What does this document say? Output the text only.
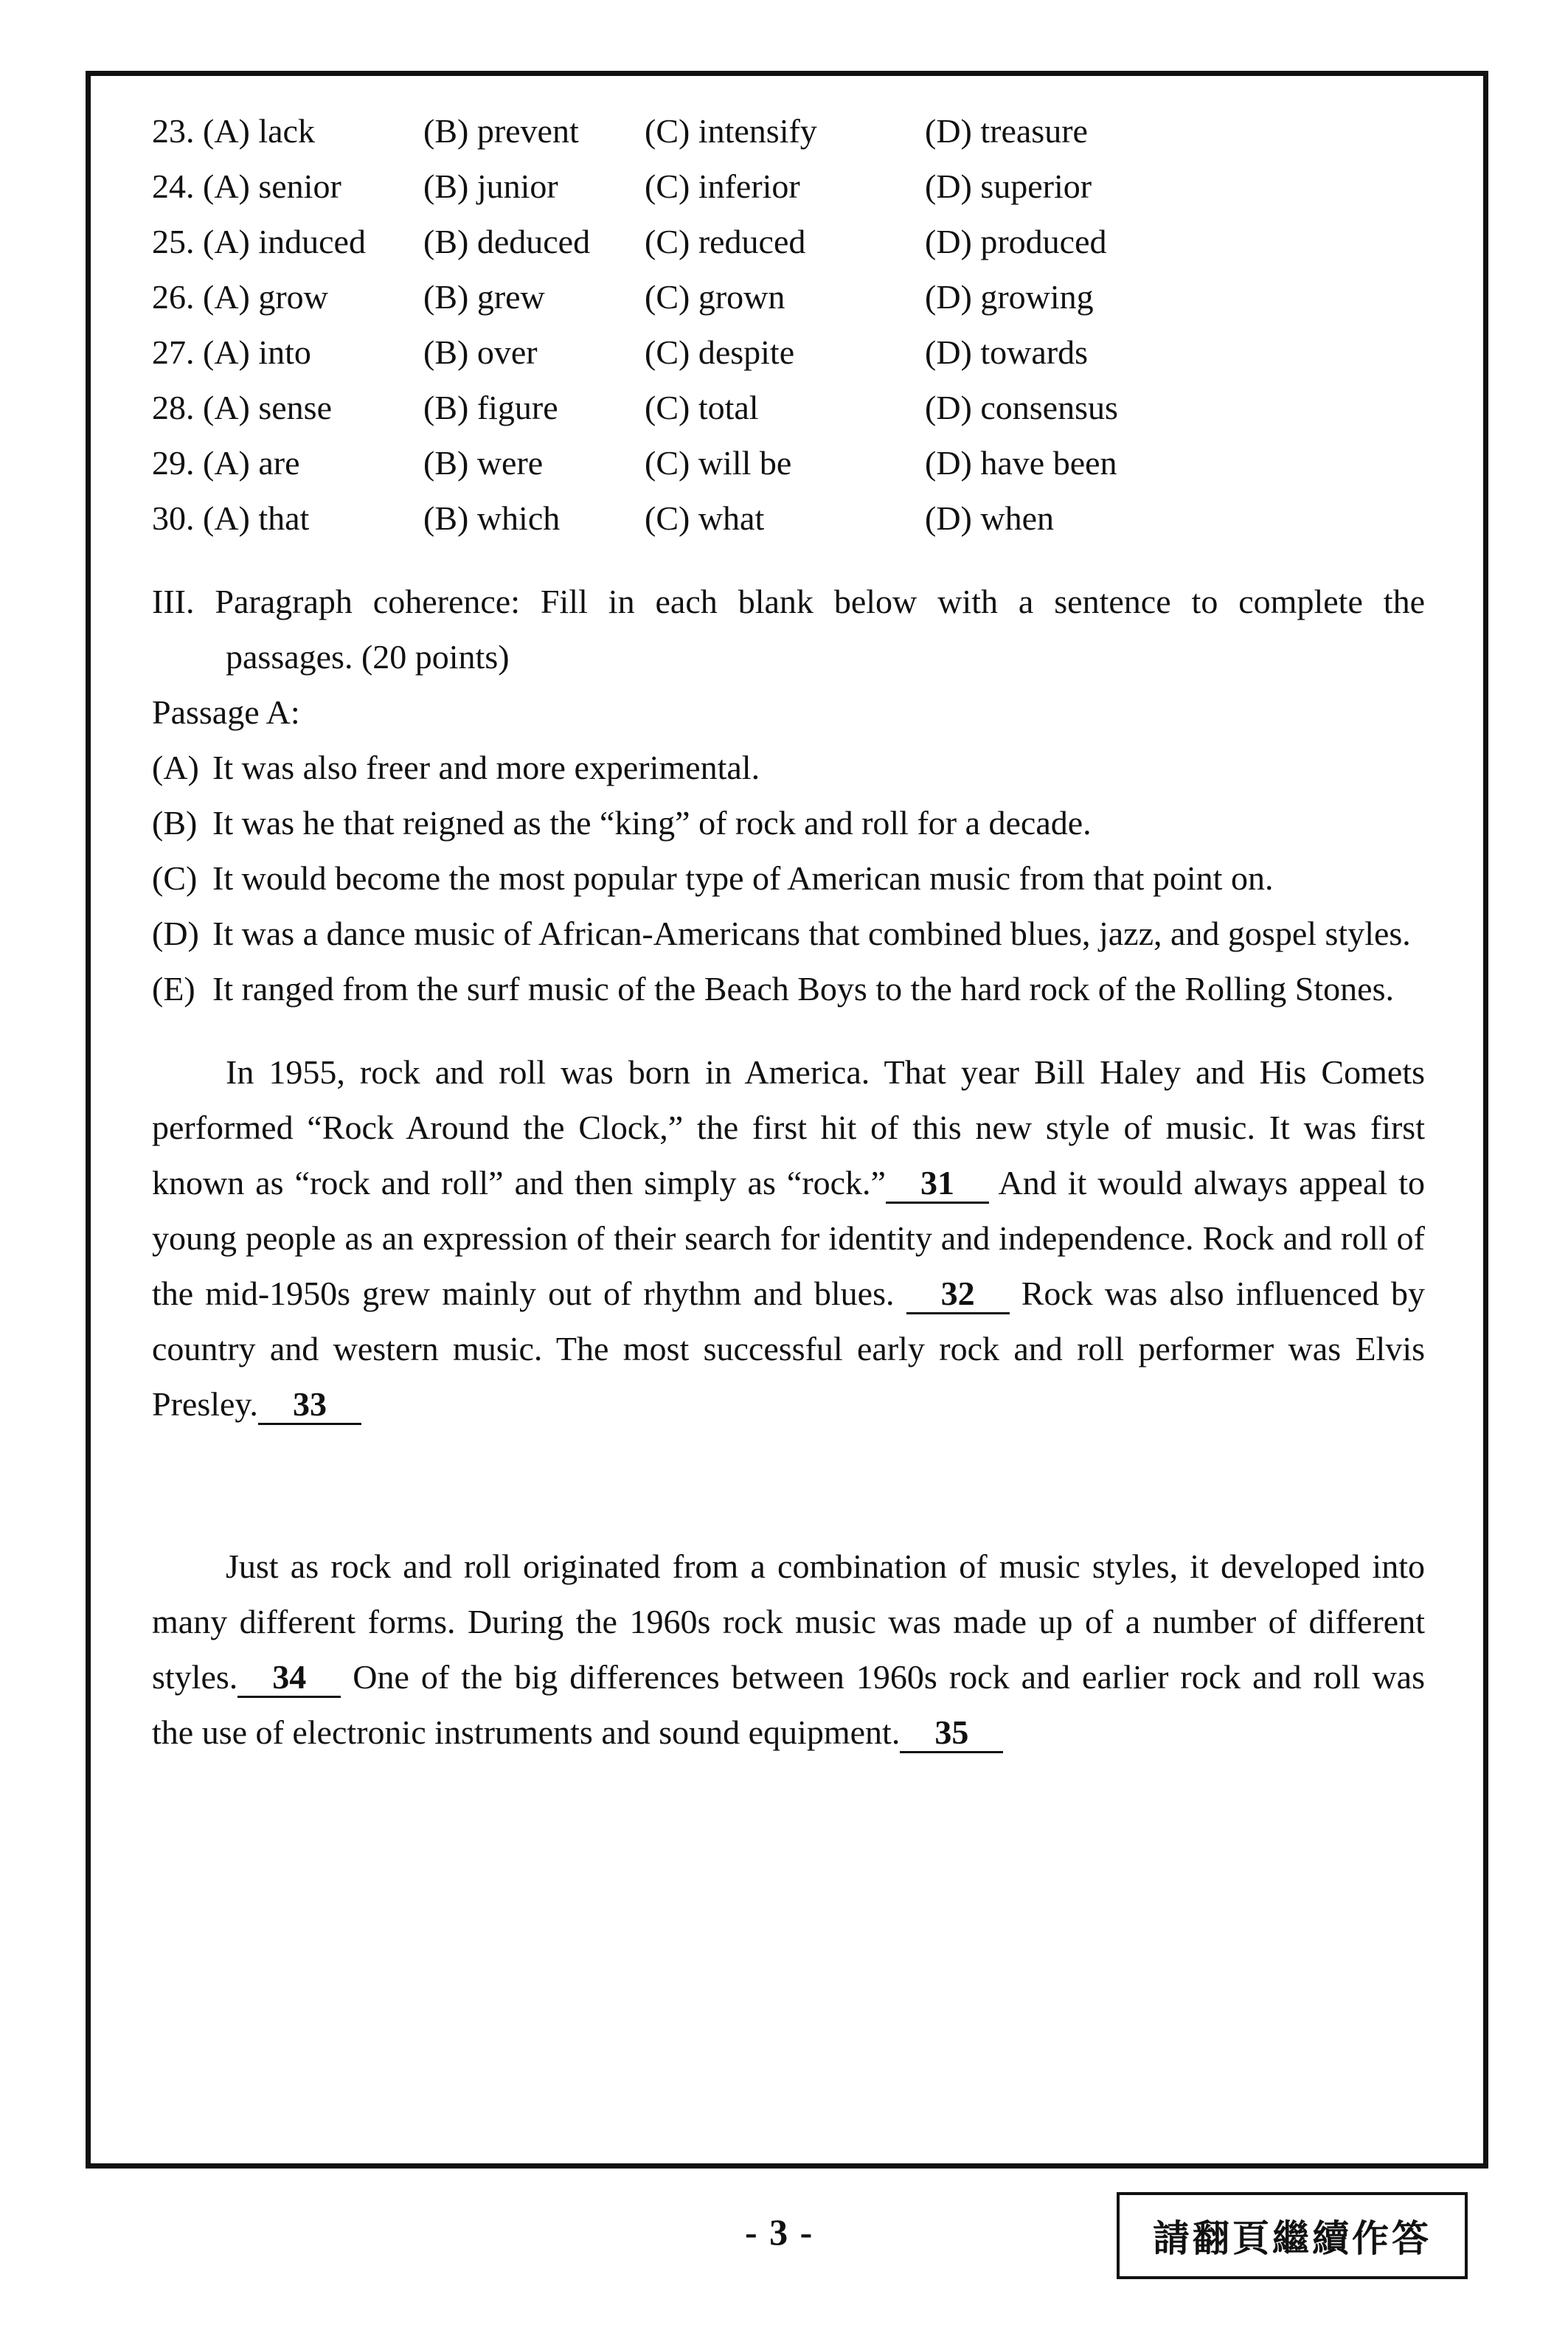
23. (A) lack	(B) prevent (C) intensify	(D) treasure
24. (A) senior (B) junior	(C) inferior	(D) superior
25. (A) induced (B) deduced (C) reduced	(D) produced
26. (A) grow	(B) grew	(C) grown	(D) growing
27. (A) into	(B) over	(C) despite	(D) towards
28. (A) sense	(B) figure	(C) total	(D) consensus
29. (A) are	(B) were	(C) will be	(D) have been
30. (A) that	(B) which (C) what	(D) when
III. Paragraph coherence: Fill in each blank below with a sentence to complete the
passages. (20 points)
Passage A:
(A) It was also freer and more experimental.
(B) It was he that reigned as the “king” of rock and roll for a decade.
(C) It would become the most popular type of American music from that point on.
(D) It was a dance music of African-Americans that combined blues, jazz, and gospel styles.
(E) It ranged from the surf music of the Beach Boys to the hard rock of the Rolling Stones.

In 1955, rock and roll was born in America. That year Bill Haley and His Comets performed “Rock Around the Clock,” the first hit of this new style of music. It was first known as “rock and roll” and then simply as “rock.” 31 And it would always appeal to young people as an expression of their search for identity and independence. Rock and roll of the mid-1950s grew mainly out of rhythm and blues. 32 Rock was also influenced by country and western music. The most successful early rock and roll performer was Elvis Presley. 33

Just as rock and roll originated from a combination of music styles, it developed into many different forms. During the 1960s rock music was made up of a number of different styles. 34 One of the big differences between 1960s rock and earlier rock and roll was the use of electronic instruments and sound equipment. 35

- 3 -	請翻頁繼續作答
